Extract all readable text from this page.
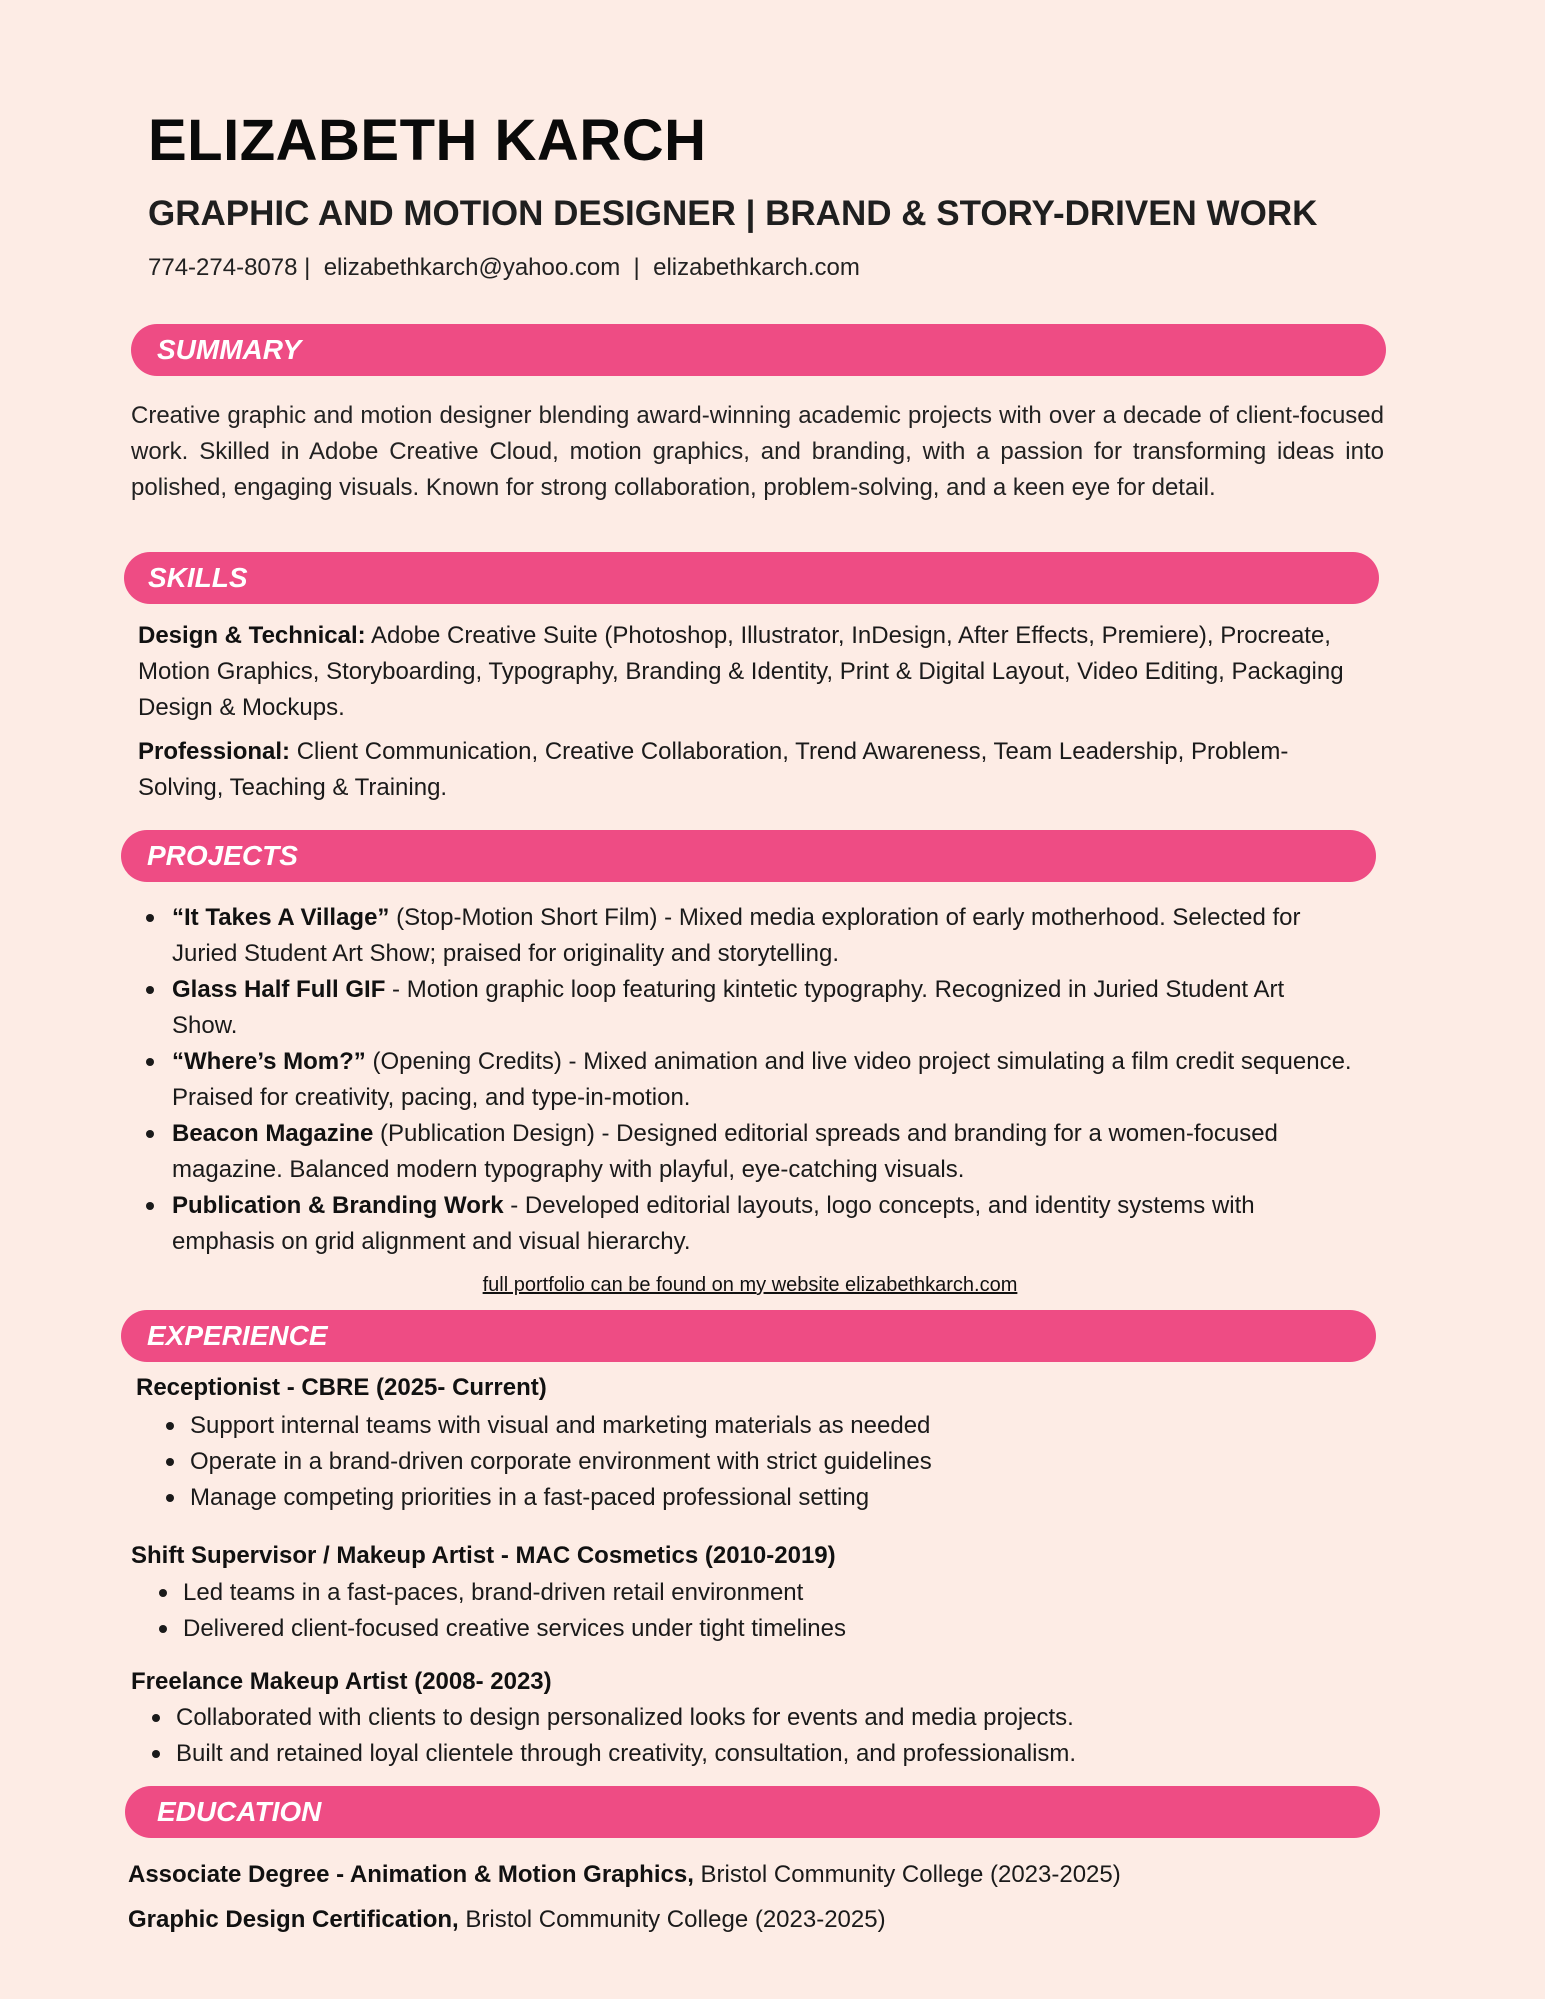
ELIZABETH KARCH
GRAPHIC AND MOTION DESIGNER | BRAND & STORY-DRIVEN WORK
774-274-8078 |  elizabethkarch@yahoo.com  |  elizabethkarch.com
SUMMARY
Creative graphic and motion designer blending award-winning academic projects with over a decade of client-focused work. Skilled in Adobe Creative Cloud, motion graphics, and branding, with a passion for transforming ideas into polished, engaging visuals. Known for strong collaboration, problem-solving, and a keen eye for detail.
SKILLS
Design & Technical: Adobe Creative Suite (Photoshop, Illustrator, InDesign, After Effects, Premiere), Procreate, Motion Graphics, Storyboarding, Typography, Branding & Identity, Print & Digital Layout, Video Editing, Packaging Design & Mockups.
Professional: Client Communication, Creative Collaboration, Trend Awareness, Team Leadership, Problem-Solving, Teaching & Training.
PROJECTS
“It Takes A Village” (Stop-Motion Short Film) - Mixed media exploration of early motherhood. Selected for Juried Student Art Show; praised for originality and storytelling.
Glass Half Full GIF - Motion graphic loop featuring kintetic typography. Recognized in Juried Student Art Show.
“Where’s Mom?” (Opening Credits) - Mixed animation and live video project simulating a film credit sequence. Praised for creativity, pacing, and type-in-motion.
Beacon Magazine (Publication Design) - Designed editorial spreads and branding for a women-focused magazine. Balanced modern typography with playful, eye-catching visuals.
Publication & Branding Work - Developed editorial layouts, logo concepts, and identity systems with emphasis on grid alignment and visual hierarchy.
full portfolio can be found on my website elizabethkarch.com
EXPERIENCE
Receptionist - CBRE (2025- Current)
Support internal teams with visual and marketing materials as needed
Operate in a brand-driven corporate environment with strict guidelines
Manage competing priorities in a fast-paced professional setting
Shift Supervisor / Makeup Artist - MAC Cosmetics (2010-2019)
Led teams in a fast-paces, brand-driven retail environment
Delivered client-focused creative services under tight timelines
Freelance Makeup Artist (2008- 2023)
Collaborated with clients to design personalized looks for events and media projects.
Built and retained loyal clientele through creativity, consultation, and professionalism.
EDUCATION
Associate Degree - Animation & Motion Graphics, Bristol Community College (2023-2025)
Graphic Design Certification, Bristol Community College (2023-2025)
